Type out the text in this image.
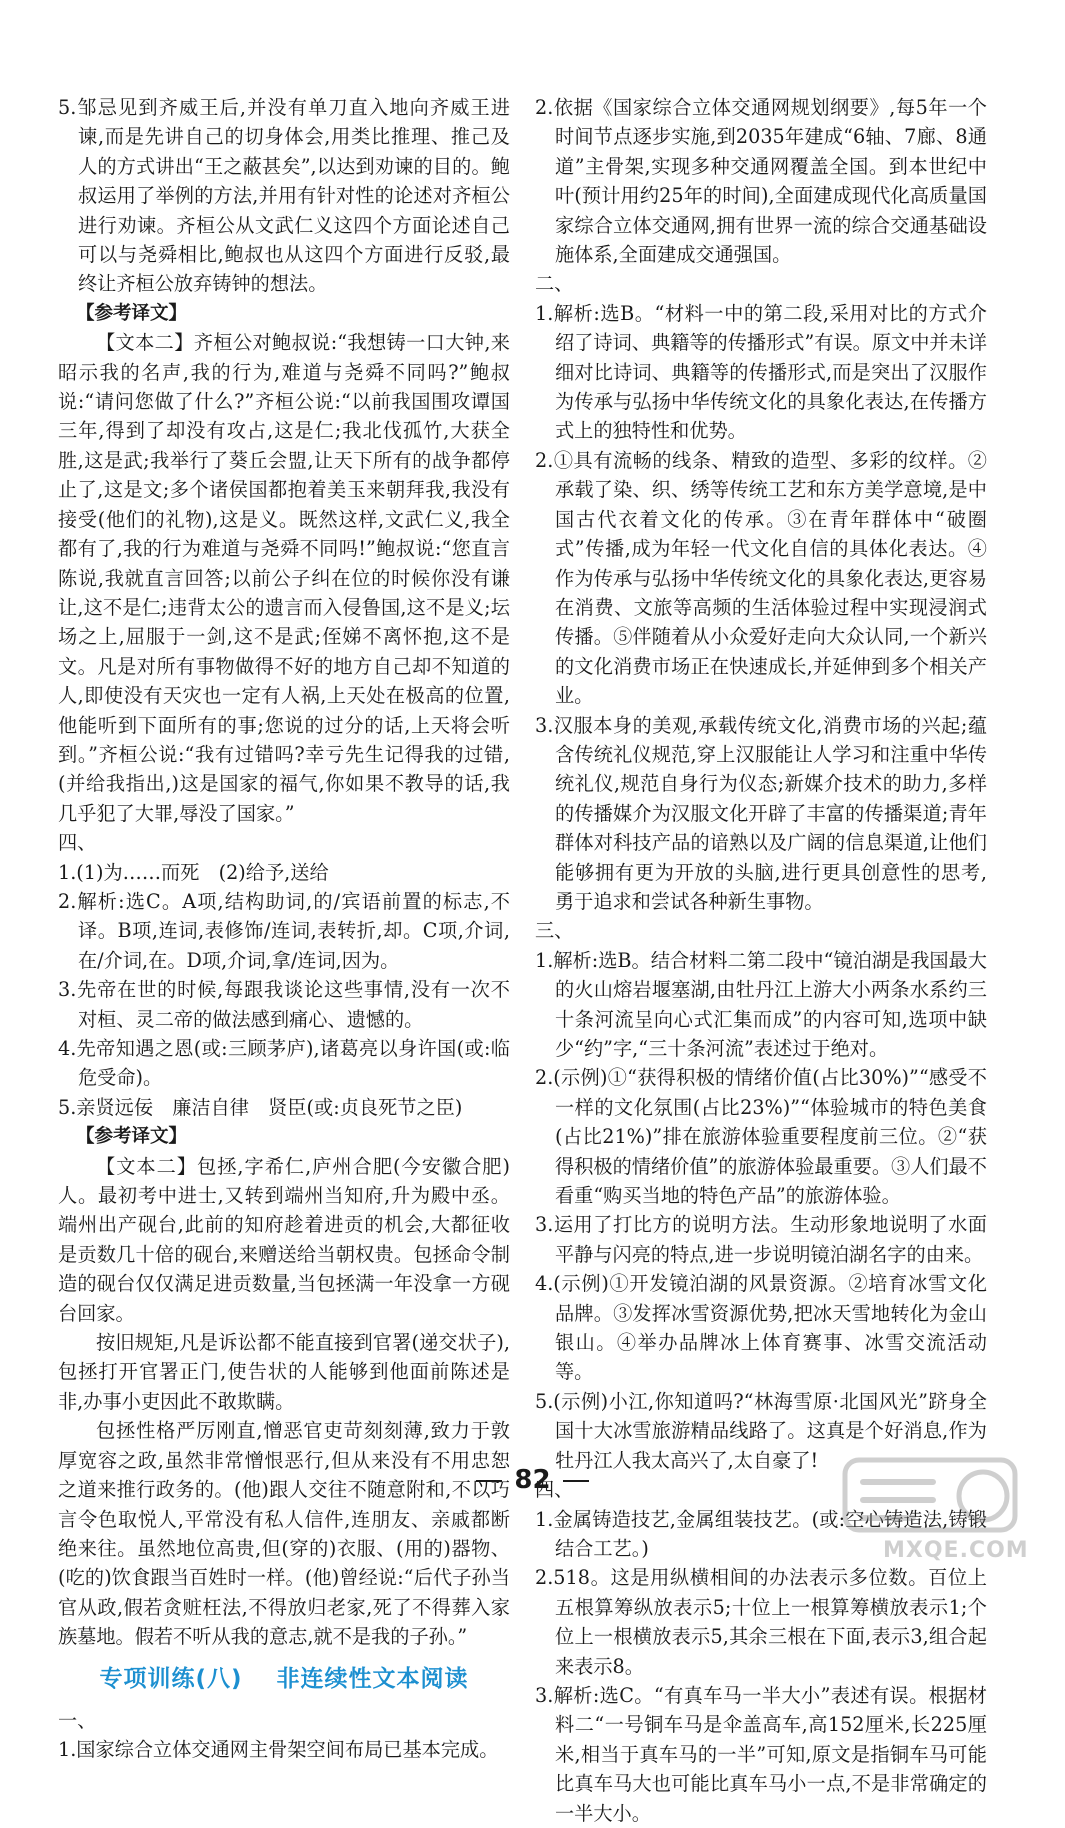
5.邹忌见到齐威王后,并没有单刀直入地向齐威王进谏,而是先讲自己的切身体会,用类比推理、推己及人的方式讲出“王之蔽甚矣”,以达到劝谏的目的。鲍叔运用了举例的方法,并用有针对性的论述对齐桓公进行劝谏。齐桓公从文武仁义这四个方面论述自己可以与尧舜相比,鲍叔也从这四个方面进行反驳,最终让齐桓公放弃铸钟的想法。

【参考译文】

【文本二】齐桓公对鲍叔说:“我想铸一口大钟,来昭示我的名声,我的行为,难道与尧舜不同吗?”鲍叔说:“请问您做了什么?”齐桓公说:“以前我国围攻谭国三年,得到了却没有攻占,这是仁;我北伐孤竹,大获全胜,这是武;我举行了葵丘会盟,让天下所有的战争都停止了,这是文;多个诸侯国都抱着美玉来朝拜我,我没有接受(他们的礼物),这是义。既然这样,文武仁义,我全都有了,我的行为难道与尧舜不同吗!”鲍叔说:“您直言陈说,我就直言回答;以前公子纠在位的时候你没有谦让,这不是仁;违背太公的遗言而入侵鲁国,这不是义;坛场之上,屈服于一剑,这不是武;侄娣不离怀抱,这不是文。凡是对所有事物做得不好的地方自己却不知道的人,即使没有天灾也一定有人祸,上天处在极高的位置,他能听到下面所有的事;您说的过分的话,上天将会听到。”齐桓公说:“我有过错吗?幸亏先生记得我的过错,(并给我指出,)这是国家的福气,你如果不教导的话,我几乎犯了大罪,辱没了国家。”

四、

1.(1)为……而死　(2)给予,送给

2.解析:选C。A项,结构助词,的/宾语前置的标志,不译。B项,连词,表修饰/连词,表转折,却。C项,介词,在/介词,在。D项,介词,拿/连词,因为。

3.先帝在世的时候,每跟我谈论这些事情,没有一次不对桓、灵二帝的做法感到痛心、遗憾的。

4.先帝知遇之恩(或:三顾茅庐),诸葛亮以身许国(或:临危受命)。

5.亲贤远佞　廉洁自律　贤臣(或:贞良死节之臣)

【参考译文】

【文本二】包拯,字希仁,庐州合肥(今安徽合肥)人。最初考中进士,又转到端州当知府,升为殿中丞。端州出产砚台,此前的知府趁着进贡的机会,大都征收是贡数几十倍的砚台,来赠送给当朝权贵。包拯命令制造的砚台仅仅满足进贡数量,当包拯满一年没拿一方砚台回家。

按旧规矩,凡是诉讼都不能直接到官署(递交状子),包拯打开官署正门,使告状的人能够到他面前陈述是非,办事小吏因此不敢欺瞒。

包拯性格严厉刚直,憎恶官吏苛刻刻薄,致力于敦厚宽容之政,虽然非常憎恨恶行,但从来没有不用忠恕之道来推行政务的。(他)跟人交往不随意附和,不以巧言令色取悦人,平常没有私人信件,连朋友、亲戚都断绝来往。虽然地位高贵,但(穿的)衣服、(用的)器物、(吃的)饮食跟当百姓时一样。(他)曾经说:“后代子孙当官从政,假若贪赃枉法,不得放归老家,死了不得葬入家族墓地。假若不听从我的意志,就不是我的子孙。”

专项训练(八) 非连续性文本阅读

一、

1.国家综合立体交通网主骨架空间布局已基本完成。

2.依据《国家综合立体交通网规划纲要》,每5年一个时间节点逐步实施,到2035年建成“6轴、7廊、8通道”主骨架,实现多种交通网覆盖全国。到本世纪中叶(预计用约25年的时间),全面建成现代化高质量国家综合立体交通网,拥有世界一流的综合交通基础设施体系,全面建成交通强国。

二、

1.解析:选B。“材料一中的第二段,采用对比的方式介绍了诗词、典籍等的传播形式”有误。原文中并未详细对比诗词、典籍等的传播形式,而是突出了汉服作为传承与弘扬中华传统文化的具象化表达,在传播方式上的独特性和优势。

2.①具有流畅的线条、精致的造型、多彩的纹样。②承载了染、织、绣等传统工艺和东方美学意境,是中国古代衣着文化的传承。③在青年群体中“破圈式”传播,成为年轻一代文化自信的具体化表达。④作为传承与弘扬中华传统文化的具象化表达,更容易在消费、文旅等高频的生活体验过程中实现浸润式传播。⑤伴随着从小众爱好走向大众认同,一个新兴的文化消费市场正在快速成长,并延伸到多个相关产业。

3.汉服本身的美观,承载传统文化,消费市场的兴起;蕴含传统礼仪规范,穿上汉服能让人学习和注重中华传统礼仪,规范自身行为仪态;新媒介技术的助力,多样的传播媒介为汉服文化开辟了丰富的传播渠道;青年群体对科技产品的谙熟以及广阔的信息渠道,让他们能够拥有更为开放的头脑,进行更具创意性的思考,勇于追求和尝试各种新生事物。

三、

1.解析:选B。结合材料二第二段中“镜泊湖是我国最大的火山熔岩堰塞湖,由牡丹江上游大小两条水系约三十条河流呈向心式汇集而成”的内容可知,选项中缺少“约”字,“三十条河流”表述过于绝对。

2.(示例)①“获得积极的情绪价值(占比30%)”“感受不一样的文化氛围(占比23%)”“体验城市的特色美食(占比21%)”排在旅游体验重要程度前三位。②“获得积极的情绪价值”的旅游体验最重要。③人们最不看重“购买当地的特色产品”的旅游体验。

3.运用了打比方的说明方法。生动形象地说明了水面平静与闪亮的特点,进一步说明镜泊湖名字的由来。

4.(示例)①开发镜泊湖的风景资源。②培育冰雪文化品牌。③发挥冰雪资源优势,把冰天雪地转化为金山银山。④举办品牌冰上体育赛事、冰雪交流活动等。

5.(示例)小江,你知道吗?“林海雪原·北国风光”跻身全国十大冰雪旅游精品线路了。这真是个好消息,作为牡丹江人我太高兴了,太自豪了!

四、

1.金属铸造技艺,金属组装技艺。(或:空心铸造法,铸锻结合工艺。)

2.518。这是用纵横相间的办法表示多位数。百位上五根算筹纵放表示5;十位上一根算筹横放表示1;个位上一根横放表示5,其余三根在下面,表示3,组合起来表示8。

3.解析:选C。“有真车马一半大小”表述有误。根据材料二“一号铜车马是伞盖高车,高152厘米,长225厘米,相当于真车马的一半”可知,原文是指铜车马可能比真车马大也可能比真车马小一点,不是非常确定的一半大小。

82
MXQE.COM
